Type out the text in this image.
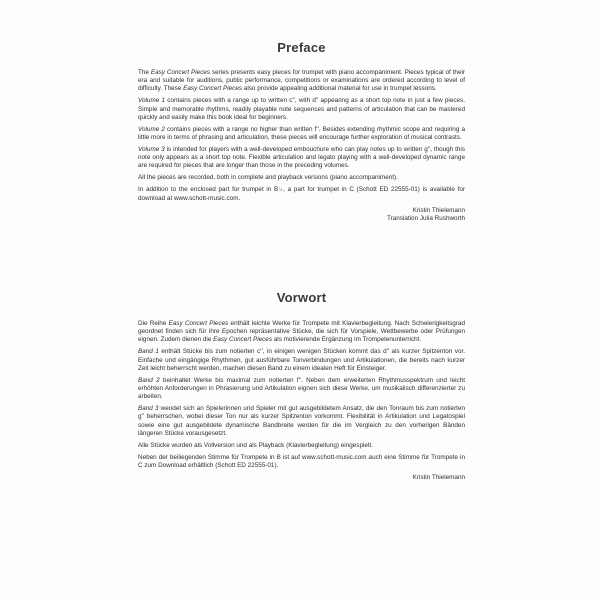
Preface

The Easy Concert Pieces series presents easy pieces for trumpet with piano accompaniment. Pieces typical of their era and suitable for auditions, public performance, competitions or examinations are ordered according to level of difficulty. These Easy Concert Pieces also provide appealing additional material for use in trumpet lessons.

Volume 1 contains pieces with a range up to written c'', with d'' appearing as a short top note in just a few pieces. Simple and memorable rhythms, readily playable note sequences and patterns of articulation that can be mastered quickly and easily make this book ideal for beginners.

Volume 2 contains pieces with a range no higher than written f''. Besides extending rhythmic scope and requiring a little more in terms of phrasing and articulation, these pieces will encourage further exploration of musical contrasts.

Volume 3 is intended for players with a well-developed embouchure who can play notes up to written g'', though this note only appears as a short top note. Flexible articulation and legato playing with a well-developed dynamic range are required for pieces that are longer than those in the preceding volumes.

All the pieces are recorded, both in complete and playback versions (piano accompaniment).

In addition to the enclosed part for trumpet in B♭, a part for trumpet in C (Schott ED 22555-01) is available for download at www.schott-music.com.

Kristin Thielemann

Translation Julia Rushworth

Vorwort

Die Reihe Easy Concert Pieces enthält leichte Werke für Trompete mit Klavierbegleitung. Nach Schwierigkeitsgrad geordnet finden sich für ihre Epochen repräsentative Stücke, die sich für Vorspiele, Wettbewerbe oder Prüfungen eignen. Zudem dienen die Easy Concert Pieces als motivierende Ergänzung im Trompetenunterricht.

Band 1 enthält Stücke bis zum notierten c'', in einigen wenigen Stücken kommt das d'' als kurzer Spitzenton vor. Einfache und eingängige Rhythmen, gut ausführbare Tonverbindungen und Artikulationen, die bereits nach kurzer Zeit leicht beherrscht werden, machen diesen Band zu einem idealen Heft für Einsteiger.

Band 2 beinhaltet Werke bis maximal zum notierten f''. Neben dem erweiterten Rhythmusspektrum und leicht erhöhten Anforderungen in Phrasierung und Artikulation eignen sich diese Werke, um musikalisch differenzierter zu arbeiten.

Band 3 wendet sich an Spielerinnen und Spieler mit gut ausgebildetem Ansatz, die den Tonraum bis zum notierten g'' beherrschen, wobei dieser Ton nur als kurzer Spitzenton vorkommt. Flexibilität in Artikulation und Legatospiel sowie eine gut ausgebildete dynamische Bandbreite werden für die im Vergleich zu den vorherigen Bänden längeren Stücke vorausgesetzt.

Alle Stücke wurden als Vollversion und als Playback (Klavierbegleitung) eingespielt.

Neben der beiliegenden Stimme für Trompete in B ist auf www.schott-music.com auch eine Stimme für Trompete in C zum Download erhältlich (Schott ED 22555-01).

Kristin Thielemann
